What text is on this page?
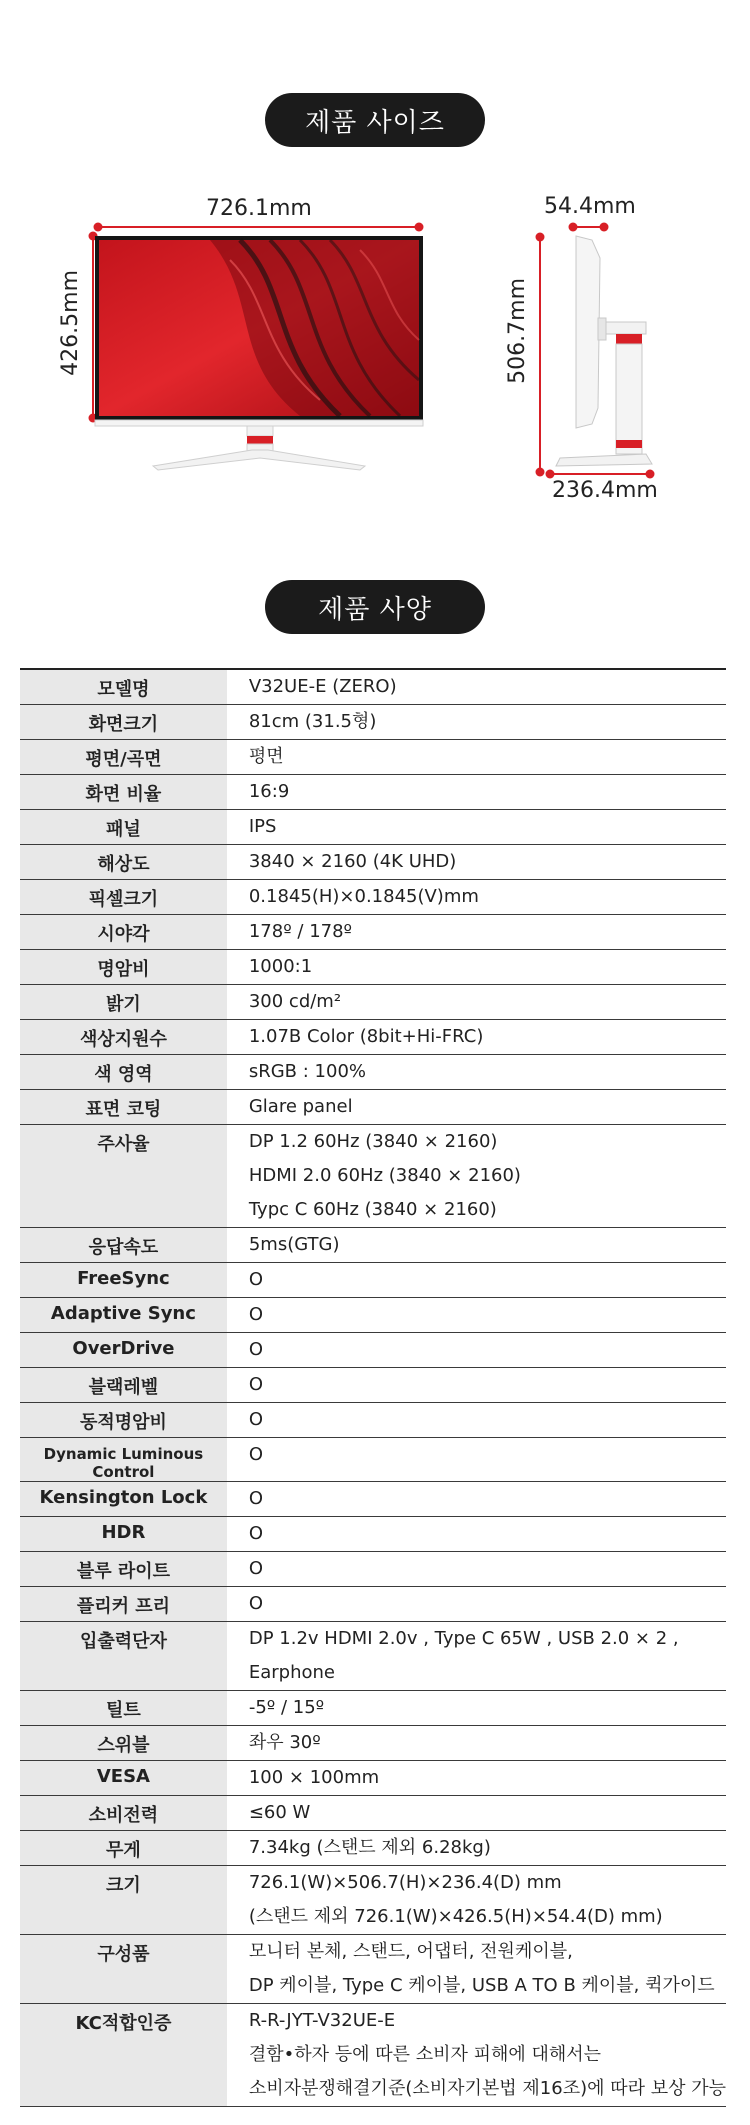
제품 사이즈
726.1mm
426.5mm
54.4mm
506.7mm
236.4mm
제품 사양
모델명	V32UE-E (ZERO)

화면크기	81cm (31.5형)

평면/곡면	평면

화면 비율	16:9

패널	IPS

해상도	3840 × 2160 (4K UHD)

픽셀크기	0.1845(H)×0.1845(V)mm

시야각	178º / 178º

명암비	1000:1

밝기	300 cd/m²

색상지원수	1.07B Color (8bit+Hi-FRC)

색 영역	sRGB : 100%

표면 코팅	Glare panel

주사율	DP 1.2 60Hz (3840 × 2160)
HDMI 2.0 60Hz (3840 × 2160)
Typc C 60Hz (3840 × 2160)

응답속도	5ms(GTG)

FreeSync	O

Adaptive Sync	O

OverDrive	O

블랙레벨	O

동적명암비	O

Dynamic Luminous Control	O

Kensington Lock	O

HDR	O

블루 라이트	O

플리커 프리	O

입출력단자	DP 1.2v HDMI 2.0v , Type C 65W , USB 2.0 × 2 ,
Earphone

틸트	-5º / 15º

스위블	좌우 30º

VESA	100 × 100mm

소비전력	≤60 W

무게	7.34kg (스탠드 제외 6.28kg)

크기	726.1(W)×506.7(H)×236.4(D) mm
(스탠드 제외 726.1(W)×426.5(H)×54.4(D) mm)

구성품	모니터 본체, 스탠드, 어댑터, 전원케이블,
DP 케이블, Type C 케이블, USB A TO B 케이블, 퀵가이드

KC적합인증	R-R-JYT-V32UE-E
결함•하자 등에 따른 소비자 피해에 대해서는
소비자분쟁해결기준(소비자기본법 제16조)에 따라 보상 가능
